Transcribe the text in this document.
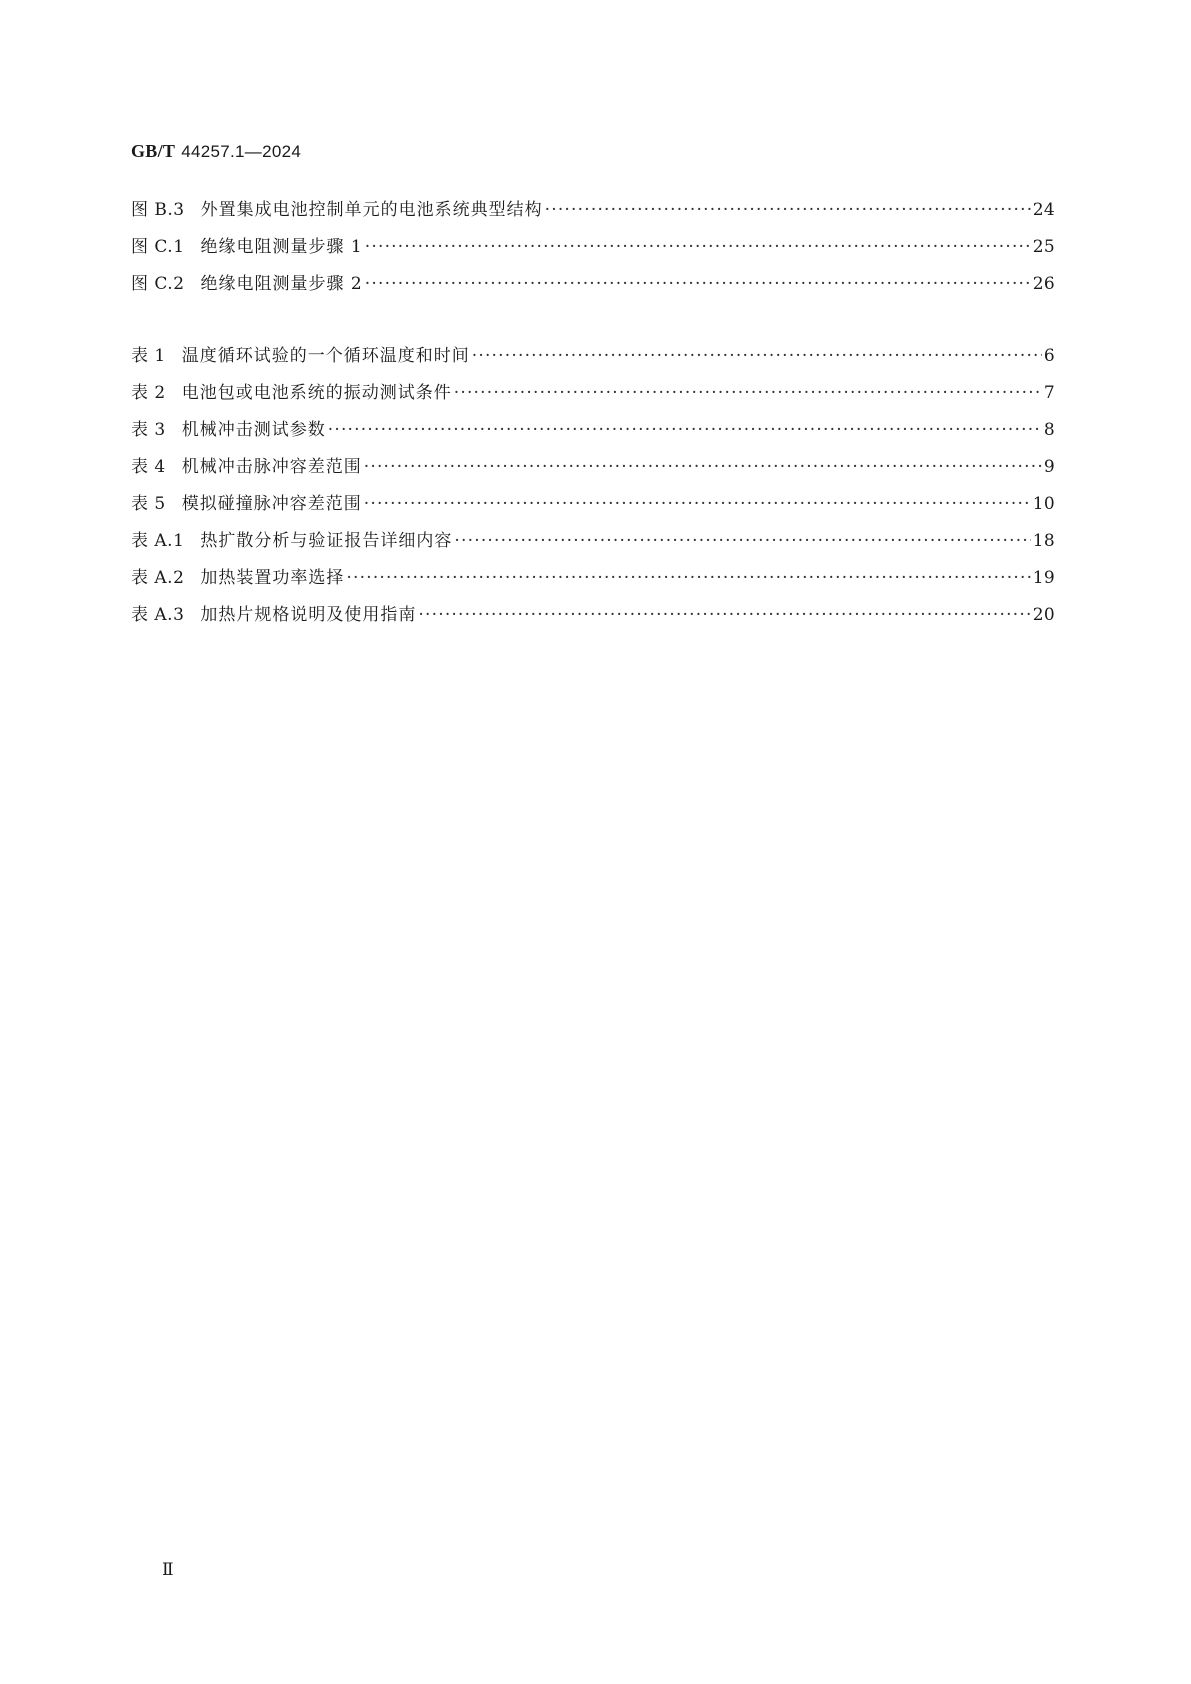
GB/T 44257.1—2024
图 B.3 外置集成电池控制单元的电池系统典型结构 ·····	24
图 C.1 绝缘电阻测量步骤 1 ·····	25
图 C.2 绝缘电阻测量步骤 2 ·····	26
表 1 温度循环试验的一个循环温度和时间 ·····	6
表 2 电池包或电池系统的振动测试条件 ·····	7
表 3 机械冲击测试参数 ·····	8
表 4 机械冲击脉冲容差范围 ·····	9
表 5 模拟碰撞脉冲容差范围 ·····	10
表 A.1 热扩散分析与验证报告详细内容 ·····	18
表 A.2 加热装置功率选择 ·····	19
表 A.3 加热片规格说明及使用指南 ·····	20
Ⅱ
